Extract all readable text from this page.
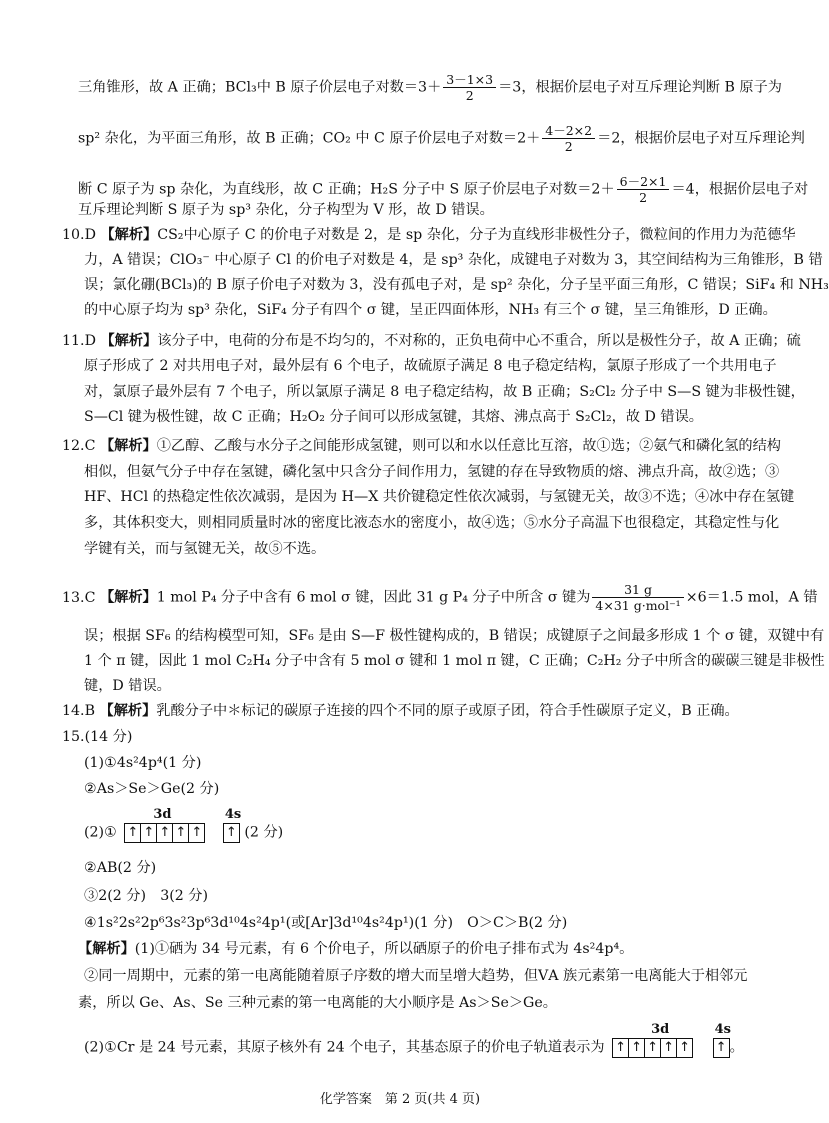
三角锥形，故 A 正确；BCl₃中 B 原子价层电子对数$=3+ \frac{3-1\times 3}{2} =3$，根据价层电子对互斥理论判断 B 原子为
sp² 杂化，为平面三角形，故 B 正确；CO₂ 中 C 原子价层电子对数$=2+ \frac{4-2\times 2}{2} =2$，根据价层电子对互斥理论判
断 C 原子为 sp 杂化，为直线形，故 C 正确；H₂S 分子中 S 原子价层电子对数$=2+ \frac{6-2\times 1}{2} =4$，根据价层电子对
互斥理论判断 S 原子为 sp³ 杂化，分子构型为 V 形，故 D 错误。
10.D 【解析】CS₂中心原子 C 的价电子对数是 2，是 sp 杂化，分子为直线形非极性分子，微粒间的作用力为范德华
力，A 错误；ClO₃⁻ 中心原子 Cl 的价电子对数是 4，是 sp³ 杂化，成键电子对数为 3，其空间结构为三角锥形，B 错
误；氯化硼(BCl₃)的 B 原子价电子对数为 3，没有孤电子对，是 sp² 杂化，分子呈平面三角形，C 错误；SiF₄ 和 NH₃
的中心原子均为 sp³ 杂化，SiF₄ 分子有四个 σ 键，呈正四面体形，NH₃ 有三个 σ 键，呈三角锥形，D 正确。
11.D 【解析】该分子中，电荷的分布是不均匀的，不对称的，正负电荷中心不重合，所以是极性分子，故 A 正确；硫
原子形成了 2 对共用电子对，最外层有 6 个电子，故硫原子满足 8 电子稳定结构，氯原子形成了一个共用电子
对，氯原子最外层有 7 个电子，所以氯原子满足 8 电子稳定结构，故 B 正确；S₂Cl₂ 分子中 S—S 键为非极性键，
S—Cl 键为极性键，故 C 正确；H₂O₂ 分子间可以形成氢键，其熔、沸点高于 S₂Cl₂，故 D 错误。
12.C 【解析】①乙醇、乙酸与水分子之间能形成氢键，则可以和水以任意比互溶，故①选；②氨气和磷化氢的结构
相似，但氨气分子中存在氢键，磷化氢中只含分子间作用力，氢键的存在导致物质的熔、沸点升高，故②选；③
HF、HCl 的热稳定性依次减弱，是因为 H—X 共价键稳定性依次减弱，与氢键无关，故③不选；④冰中存在氢键
多，其体积变大，则相同质量时冰的密度比液态水的密度小，故④选；⑤水分子高温下也很稳定，其稳定性与化
学键有关，而与氢键无关，故⑤不选。
13.C 【解析】1 mol P₄ 分子中含有 6 mol σ 键，因此 31 g P₄ 分子中所含 σ 键为 $\frac{31 g}{\text{4×31 g·mol⁻¹}} \times 6=1.5$ mol，A 错
误；根据 SF₆ 的结构模型可知，SF₆ 是由 S—F 极性键构成的，B 错误；成键原子之间最多形成 1 个 σ 键，双键中有
1 个 π 键，因此 1 mol C₂H₄ 分子中含有 5 mol σ 键和 1 mol π 键，C 正确；C₂H₂ 分子中所含的碳碳三键是非极性
键，D 错误。
14.B 【解析】乳酸分子中＊标记的碳原子连接的四个不同的原子或原子团，符合手性碳原子定义，B 正确。
15.(14 分)
(1)①4s²4p⁴(1 分)
②As＞Se＞Ge(2 分)
(2)①
3d
↑ ↑ ↑ ↑ ↑
4s
↑ (2 分)
②AB(2 分)
③2(2 分)　3(2 分)
④1s²2s²2p⁶3s²3p⁶3d¹⁰4s²4p¹(或[Ar]3d¹⁰4s²4p¹)(1 分)　O＞C＞B(2 分)
【解析】(1)①硒为 34 号元素，有 6 个价电子，所以硒原子的价电子排布式为 4s²4p⁴。
②同一周期中，元素的第一电离能随着原子序数的增大而呈增大趋势，但ⅤA 族元素第一电离能大于相邻元
素，所以 Ge、As、Se 三种元素的第一电离能的大小顺序是 As＞Se＞Ge。
(2)①Cr 是 24 号元素，其原子核外有 24 个电子，其基态原子的价电子轨道表示为
3d
↑ ↑ ↑ ↑ ↑
4s
↑ 。
化学答案　第 2 页(共 4 页)
